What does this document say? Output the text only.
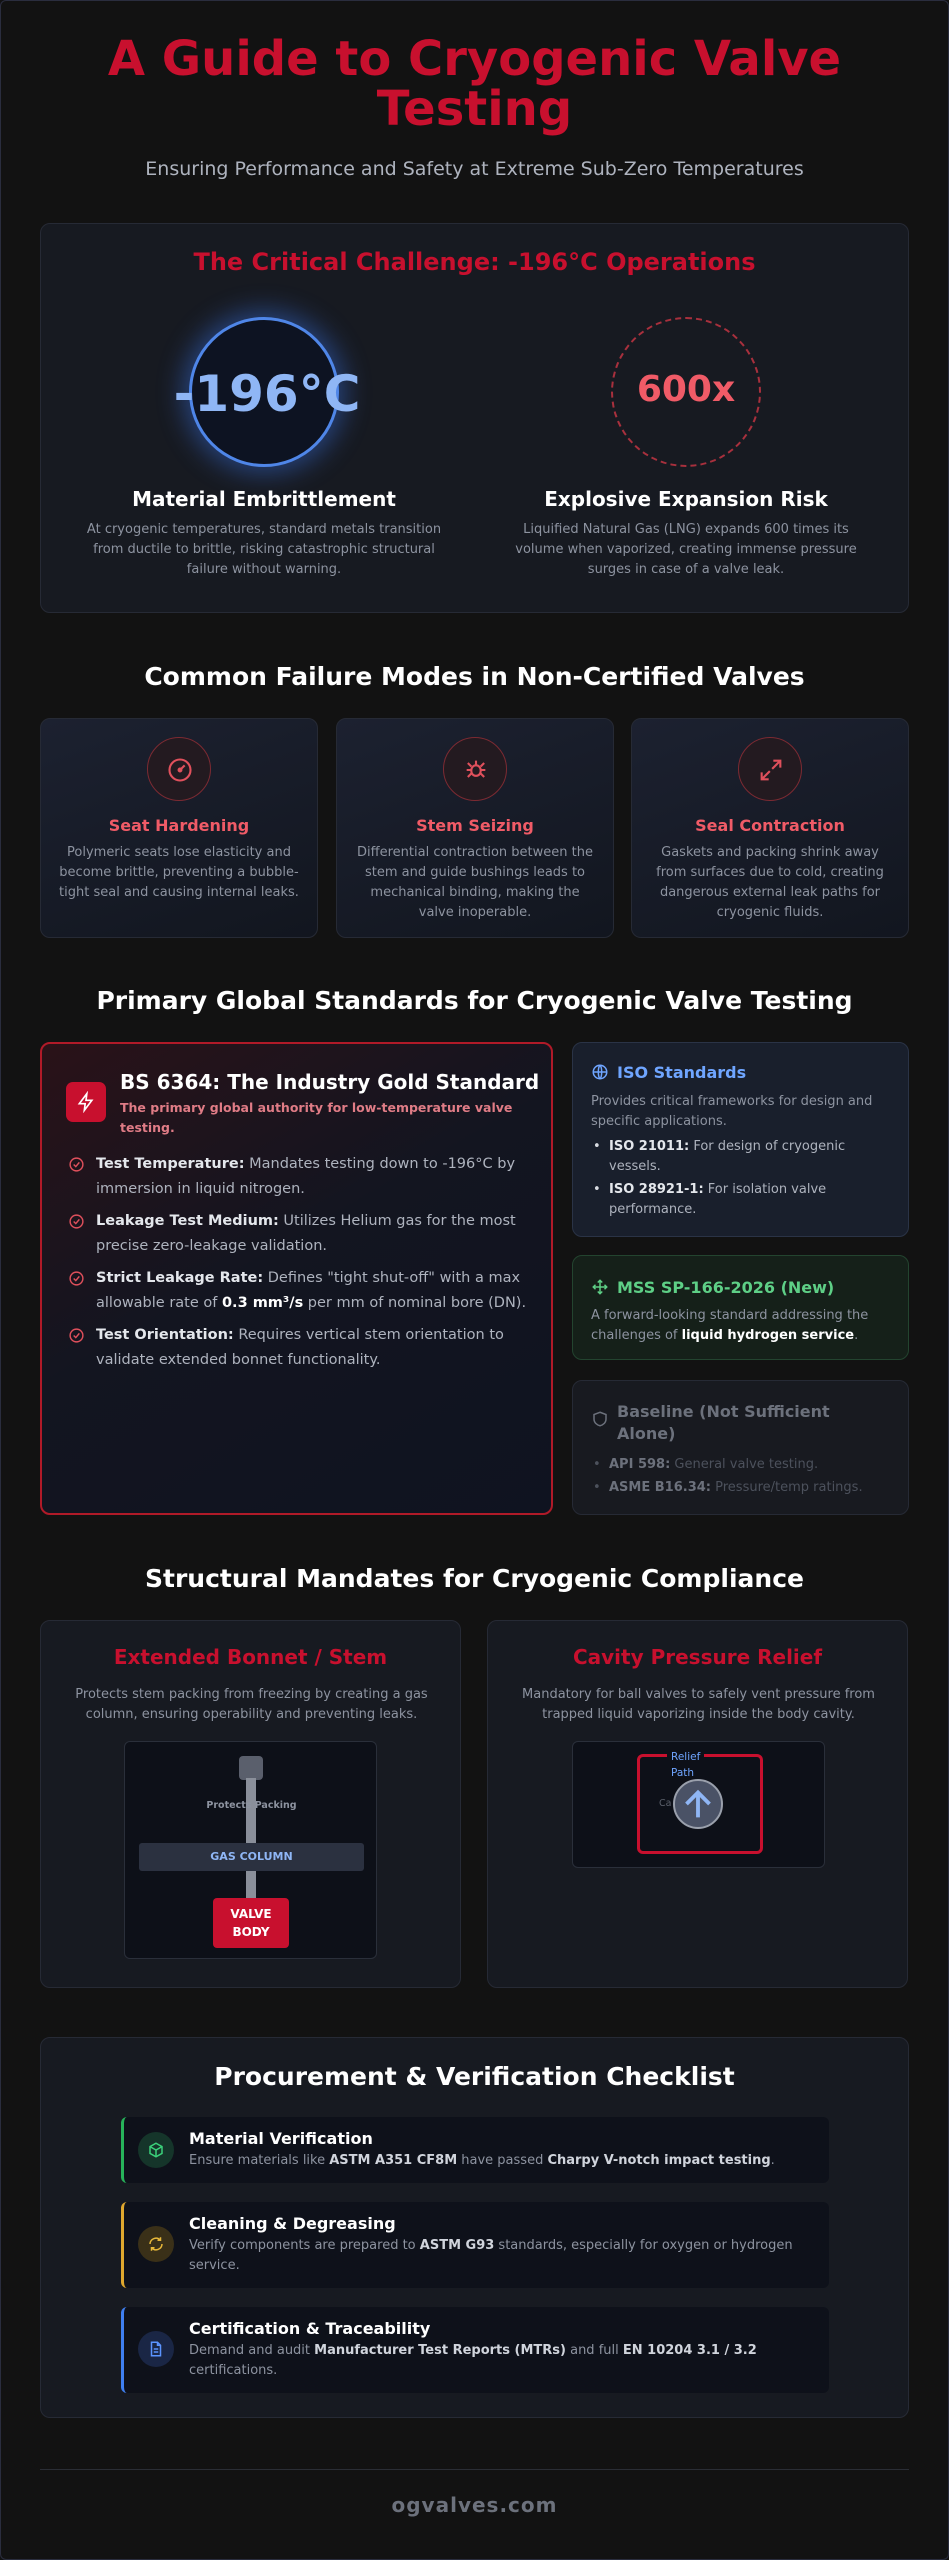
A Guide to Cryogenic Valve Testing
Ensuring Performance and Safety at Extreme Sub-Zero Temperatures
The Critical Challenge: -196°C Operations
-196°C	600x
Material Embrittlement

At cryogenic temperatures, standard metals transition from ductile to brittle, risking catastrophic structural failure without warning.

Explosive Expansion Risk

Liquified Natural Gas (LNG) expands 600 times its volume when vaporized, creating immense pressure surges in case of a valve leak.

Common Failure Modes in Non-Certified Valves
Seat Hardening

Polymeric seats lose elasticity and become brittle, preventing a bubble-tight seal and causing internal leaks.

Stem Seizing

Differential contraction between the stem and guide bushings leads to mechanical binding, making the valve inoperable.

Seal Contraction

Gaskets and packing shrink away from surfaces due to cold, creating dangerous external leak paths for cryogenic fluids.

Primary Global Standards for Cryogenic Valve Testing
BS 6364: The Industry Gold Standard
The primary global authority for low-temperature valve testing.
Test Temperature: Mandates testing down to -196°C by immersion in liquid nitrogen.
Leakage Test Medium: Utilizes Helium gas for the most precise zero-leakage validation.
Strict Leakage Rate: Defines "tight shut-off" with a max allowable rate of 0.3 mm³/s per mm of nominal bore (DN).
Test Orientation: Requires vertical stem orientation to validate extended bonnet functionality.
ISO Standards

Provides critical frameworks for design and specific applications.

• ISO 21011: For design of cryogenic vessels.
• ISO 28921-1: For isolation valve performance.
MSS SP-166-2026 (New)

A forward-looking standard addressing the challenges of liquid hydrogen service.

Baseline (Not Sufficient Alone)
• API 598: General valve testing.
• ASME B16.34: Pressure/temp ratings.
Structural Mandates for Cryogenic Compliance
Extended Bonnet / Stem

Protects stem packing from freezing by creating a gas column, ensuring operability and preventing leaks.

Protects Packing
GAS COLUMN
VALVE
BODY
Cavity Pressure Relief

Mandatory for ball valves to safely vent pressure from trapped liquid vaporizing inside the body cavity.

Relief
Path
Ca
Procurement & Verification Checklist
Material Verification

Ensure materials like ASTM A351 CF8M have passed Charpy V-notch impact testing.

Cleaning & Degreasing

Verify components are prepared to ASTM G93 standards, especially for oxygen or hydrogen service.

Certification & Traceability

Demand and audit Manufacturer Test Reports (MTRs) and full EN 10204 3.1 / 3.2 certifications.

ogvalves.com
